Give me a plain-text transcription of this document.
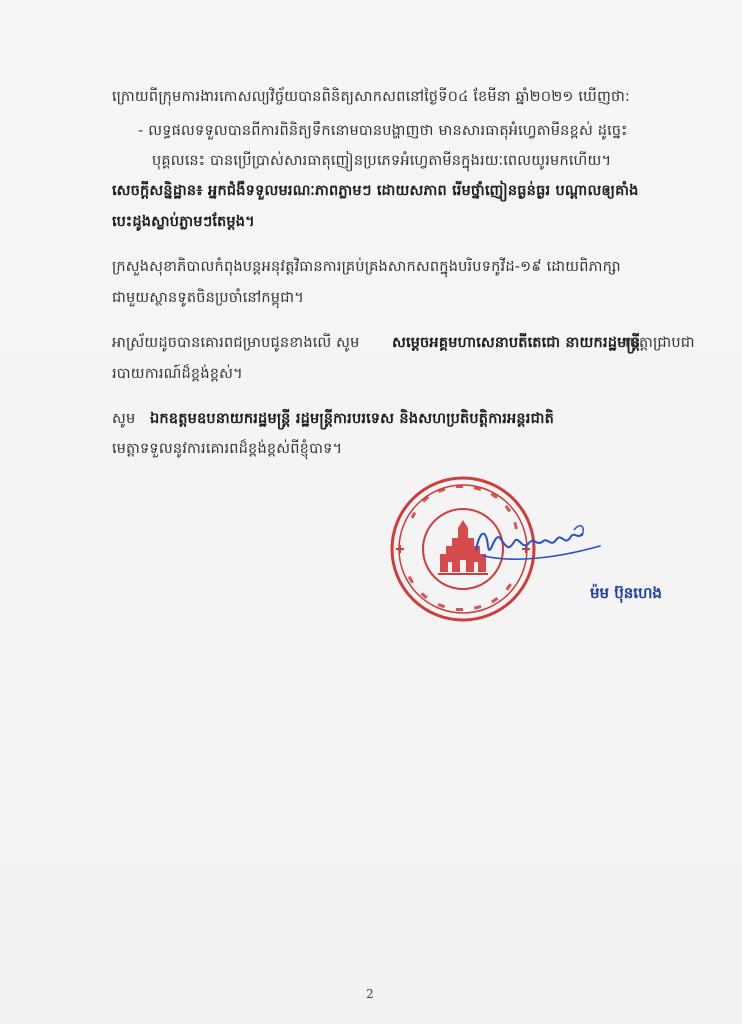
ក្រោយពីក្រុមការងារកោសល្យវិច្ច័យបានពិនិត្យសាកសពនៅថ្ងៃទី០៤ ខែមីនា ឆ្នាំ២០២១ ឃើញថា:
- លទ្ធផលទទួលបានពីការពិនិត្យទឹកនោមបានបង្ហាញថា មានសារធាតុអំហ្វេតាមីនខ្ពស់ ដូច្នេះ
បុគ្គលនេះ បានប្រើប្រាស់សារធាតុញៀនប្រភេទអំហ្វេតាមីនក្នុងរយៈពេលយូរមកហើយ។
សេចក្ដីសន្និដ្ឋាន៖ អ្នកជំងឺទទួលមរណៈភាពភ្លាមៗ ដោយសភាព រើមថ្នាំញៀនធ្ងន់ធ្ងរ បណ្ដាលឲ្យគាំង
បេះដូងស្លាប់ភ្លាមៗតែម្ដង។
ក្រសួងសុខាភិបាលកំពុងបន្តអនុវត្តវិធានការគ្រប់គ្រងសាកសពក្នុងបរិបទកូវីដ-១៩ ដោយពិភាក្សា
ជាមួយស្ថានទូតចិនប្រចាំនៅកម្ពុជា។
អាស្រ័យដូចបានគោរពជម្រាបជូនខាងលើ សូម សម្ដេចអគ្គមហាសេនាបតីតេជោ នាយករដ្ឋមន្ត្រី
មេត្តាជ្រាបជា
របាយការណ៍ដ៏ខ្ពង់ខ្ពស់។
សូម ឯកឧត្តមឧបនាយករដ្ឋមន្ត្រី រដ្ឋមន្ត្រីការបរទេស និងសហប្រតិបត្តិការអន្តរជាតិ
មេត្តាទទួលនូវការគោរពដ៏ខ្ពង់ខ្ពស់ពីខ្ញុំបាទ។
ម៉ម ប៊ុនហេង
2
